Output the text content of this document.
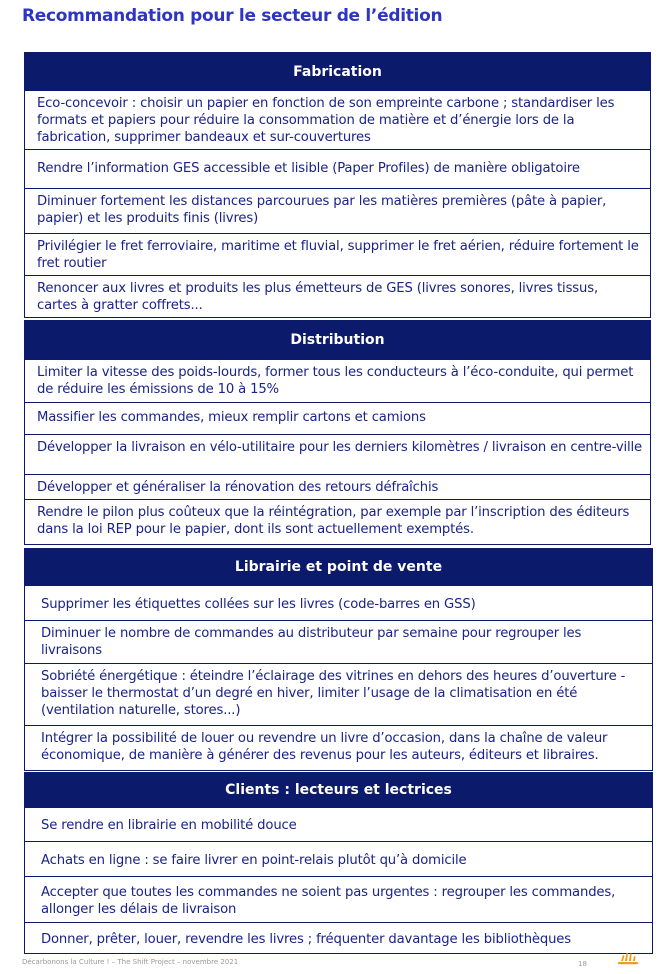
Recommandation pour le secteur de l’édition
Fabrication
Eco-concevoir : choisir un papier en fonction de son empreinte carbone ; standardiser les formats et papiers pour réduire la consommation de matière et d’énergie lors de la fabrication, supprimer bandeaux et sur-couvertures
Rendre l’information GES accessible et lisible (Paper Profiles) de manière obligatoire
Diminuer fortement les distances parcourues par les matières premières (pâte à papier, papier) et les produits finis (livres)
Privilégier le fret ferroviaire, maritime et fluvial, supprimer le fret aérien, réduire fortement le fret routier
Renoncer aux livres et produits les plus émetteurs de GES (livres sonores, livres tissus, cartes à gratter coffrets...
Distribution
Limiter la vitesse des poids-lourds, former tous les conducteurs à l’éco-conduite, qui permet de réduire les émissions de 10 à 15%
Massifier les commandes, mieux remplir cartons et camions
Développer la livraison en vélo-utilitaire pour les derniers kilomètres / livraison en centre-ville
Développer et généraliser la rénovation des retours défraîchis
Rendre le pilon plus coûteux que la réintégration, par exemple par l’inscription des éditeurs dans la loi REP pour le papier, dont ils sont actuellement exemptés.
Librairie et point de vente
Supprimer les étiquettes collées sur les livres (code-barres en GSS)
Diminuer le nombre de commandes au distributeur par semaine pour regrouper les livraisons
Sobriété énergétique : éteindre l’éclairage des vitrines en dehors des heures d’ouverture - baisser le thermostat d’un degré en hiver, limiter l’usage de la climatisation en été (ventilation naturelle, stores...)
Intégrer la possibilité de louer ou revendre un livre d’occasion, dans la chaîne de valeur économique, de manière à générer des revenus pour les auteurs, éditeurs et libraires.
Clients : lecteurs et lectrices
Se rendre en librairie en mobilité douce
Achats en ligne : se faire livrer en point-relais plutôt qu’à domicile
Accepter que toutes les commandes ne soient pas urgentes : regrouper les commandes, allonger les délais de livraison
Donner, prêter, louer, revendre les livres ; fréquenter davantage les bibliothèques
Décarbonons la Culture ! – The Shift Project – novembre 2021	18
